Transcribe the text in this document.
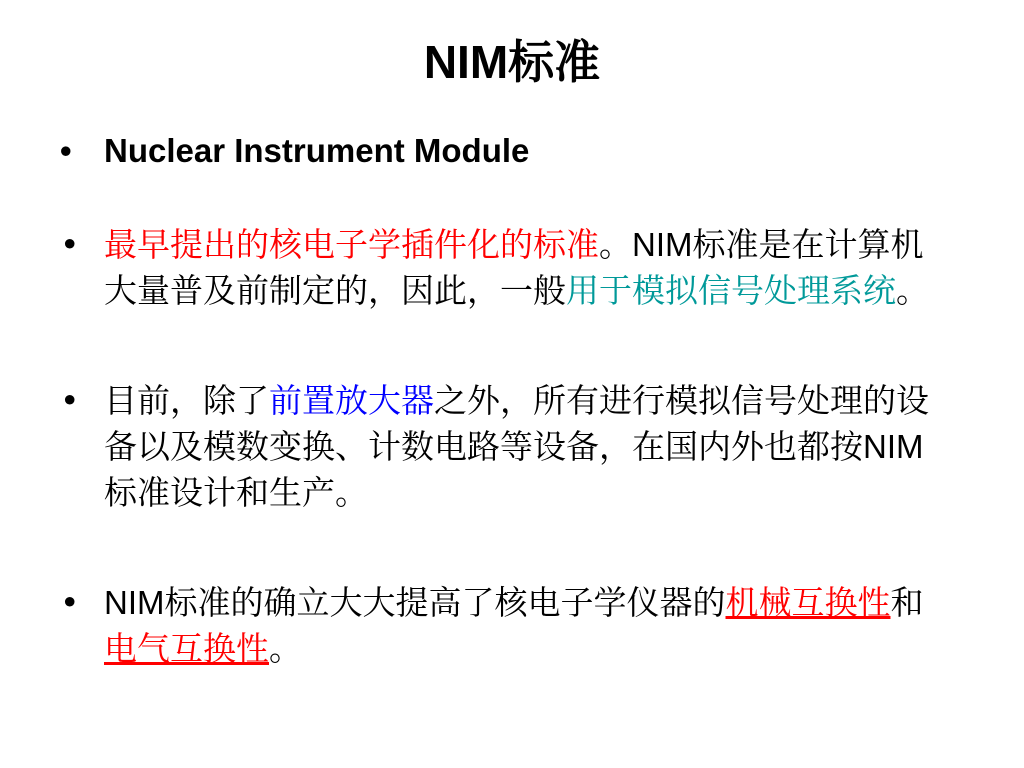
NIM标准
• Nuclear Instrument Module
• 最早提出的核电子学插件化的标准。NIM标准是在计算机大量普及前制定的，因此，一般用于模拟信号处理系统。
• 目前，除了前置放大器之外，所有进行模拟信号处理的设备以及模数变换、计数电路等设备，在国内外也都按NIM标准设计和生产。
• NIM标准的确立大大提高了核电子学仪器的机械互换性和电气互换性。
